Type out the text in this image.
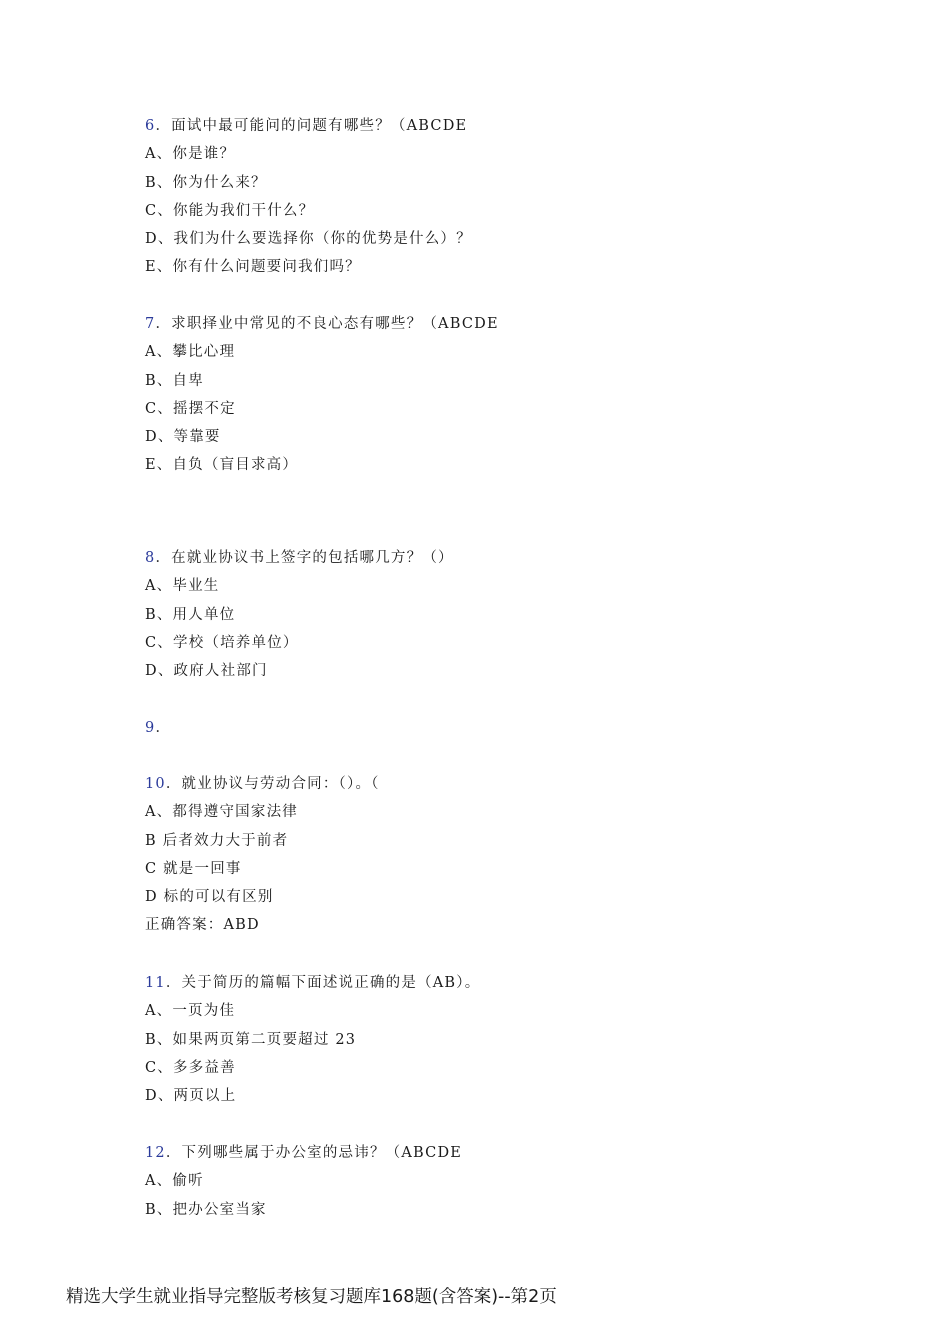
6．面试中最可能问的问题有哪些？（ABCDE
A、你是谁？
B、你为什么来？
C、你能为我们干什么？
D、我们为什么要选择你（你的优势是什么）？
E、你有什么问题要问我们吗？
7．求职择业中常见的不良心态有哪些？（ABCDE
A、攀比心理
B、自卑
C、摇摆不定
D、等靠要
E、自负（盲目求高）
8．在就业协议书上签字的包括哪几方？（）
A、毕业生
B、用人单位
C、学校（培养单位）
D、政府人社部门
9．
10．就业协议与劳动合同：（）。（
A、都得遵守国家法律
B 后者效力大于前者
C 就是一回事
D 标的可以有区别
正确答案：ABD
11．关于简历的篇幅下面述说正确的是（AB）。
A、一页为佳
B、如果两页第二页要超过 23
C、多多益善
D、两页以上
12．下列哪些属于办公室的忌讳？（ABCDE
A、偷听
B、把办公室当家
精选大学生就业指导完整版考核复习题库168题(含答案)--第2页
